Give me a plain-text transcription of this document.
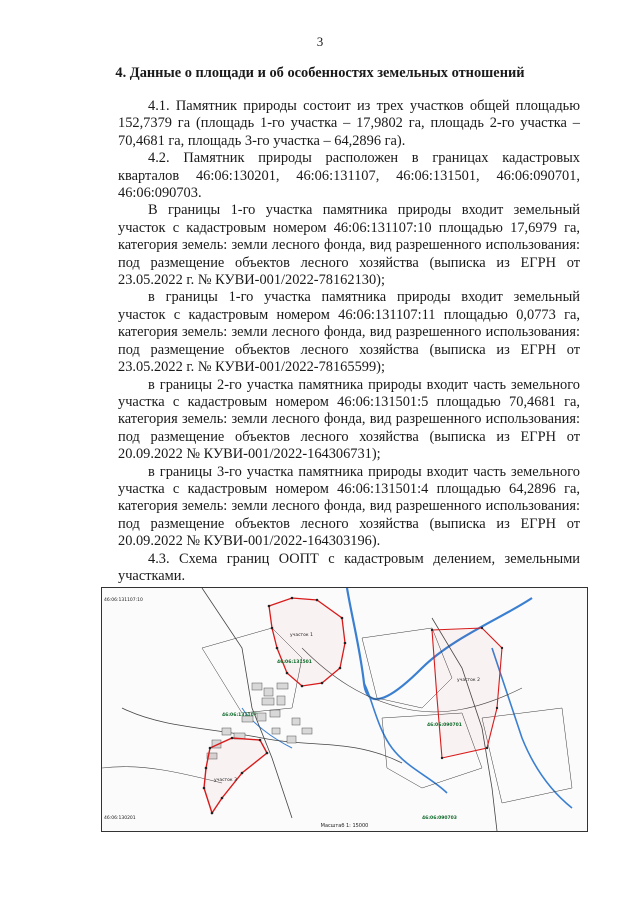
3
4. Данные о площади и об особенностях земельных отношений

4.1. Памятник природы состоит из трех участков общей площадью 152,7379 га (площадь 1-го участка – 17,9802 га, площадь 2-го участка – 70,4681 га, площадь 3-го участка – 64,2896 га).

4.2. Памятник природы расположен в границах кадастровых кварталов 46:06:130201, 46:06:131107, 46:06:131501, 46:06:090701, 46:06:090703.

В границы 1-го участка памятника природы входит земельный участок с кадастровым номером 46:06:131107:10 площадью 17,6979 га, категория земель: земли лесного фонда, вид разрешенного использования: под размещение объектов лесного хозяйства (выписка из ЕГРН от 23.05.2022 г. № КУВИ-001/2022-78162130);

в границы 1-го участка памятника природы входит земельный участок с кадастровым номером 46:06:131107:11 площадью 0,0773 га, категория земель: земли лесного фонда, вид разрешенного использования: под размещение объектов лесного хозяйства (выписка из ЕГРН от 23.05.2022 г. № КУВИ-001/2022-78165599);

в границы 2-го участка памятника природы входит часть земельного участка с кадастровым номером 46:06:131501:5 площадью 70,4681 га, категория земель: земли лесного фонда, вид разрешенного использования: под размещение объектов лесного хозяйства (выписка из ЕГРН от 20.09.2022 № КУВИ-001/2022-164306731);

в границы 3-го участка памятника природы входит часть земельного участка с кадастровым номером 46:06:131501:4 площадью 64,2896 га, категория земель: земли лесного фонда, вид разрешенного использования: под размещение объектов лесного хозяйства (выписка из ЕГРН от 20.09.2022 № КУВИ-001/2022-164303196).

4.3. Схема границ ООПТ с кадастровым делением, земельными участками.

46:06:131107:10
46:06:130201
46:06:131501
46:06:131107
46:06:090701
46:06:090703
участок 1
участок 2
участок 3
Масштаб 1: 15000
